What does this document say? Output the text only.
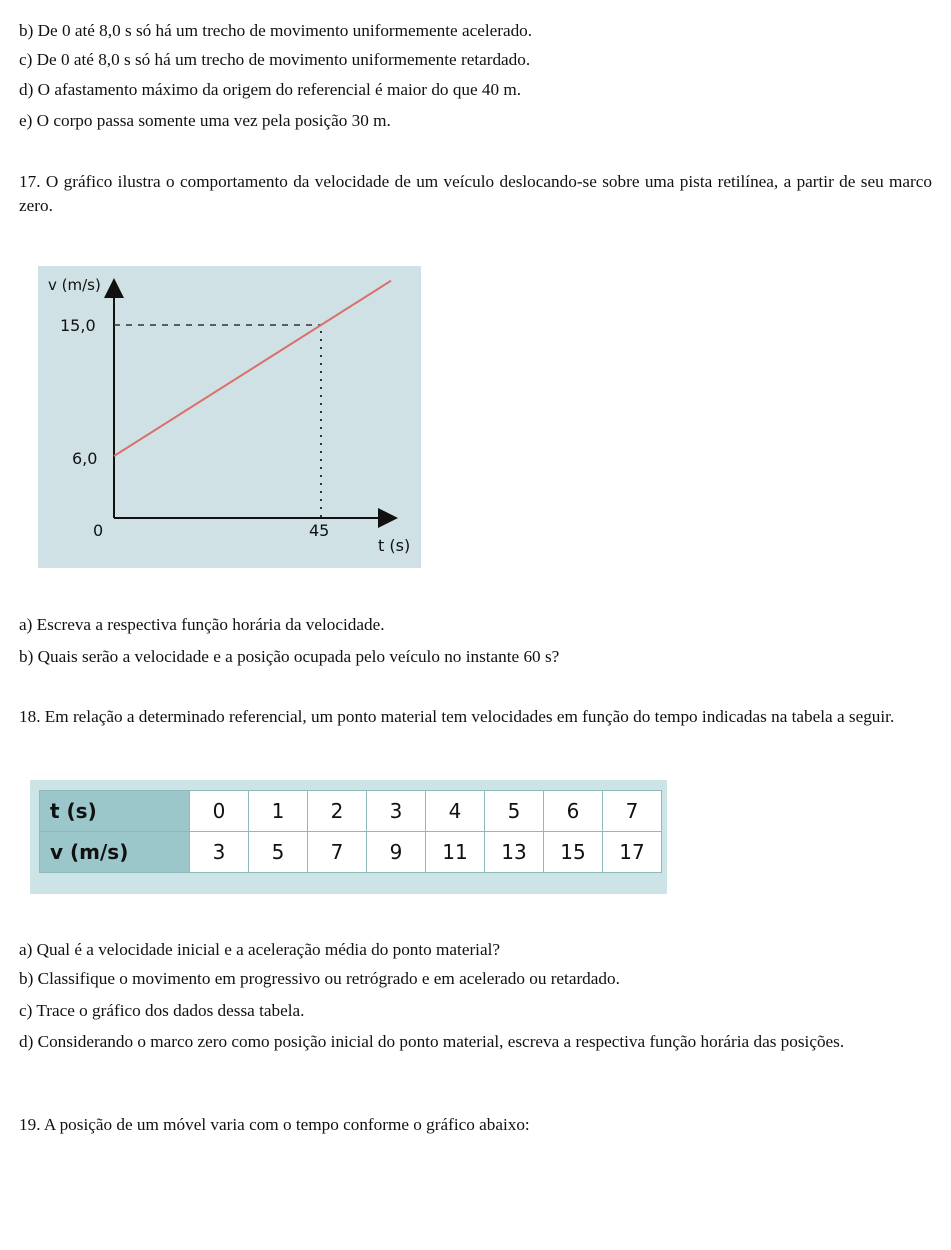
b) De 0 até 8,0 s só há um trecho de movimento uniformemente acelerado.
c) De 0 até 8,0 s só há um trecho de movimento uniformemente retardado.
d) O afastamento máximo da origem do referencial é maior do que 40 m.
e) O corpo passa somente uma vez pela posição 30 m.
17. O gráfico ilustra o comportamento da velocidade de um veículo deslocando-se sobre uma pista retilínea, a partir de seu marco zero.
v (m/s)
15,0
6,0
0	45
t (s)
a) Escreva a respectiva função horária da velocidade.
b) Quais serão a velocidade e a posição ocupada pelo veículo no instante 60 s?
18. Em relação a determinado referencial, um ponto material tem velocidades em função do tempo indicadas na tabela a seguir.
t (s)	0	1	2	3	4	5	6	7
v (m/s)	3	5	7	9	11	13	15	17
a) Qual é a velocidade inicial e a aceleração média do ponto material?
b) Classifique o movimento em progressivo ou retrógrado e em acelerado ou retardado.
c) Trace o gráfico dos dados dessa tabela.
d) Considerando o marco zero como posição inicial do ponto material, escreva a respectiva função horária das posições.
19. A posição de um móvel varia com o tempo conforme o gráfico abaixo:
